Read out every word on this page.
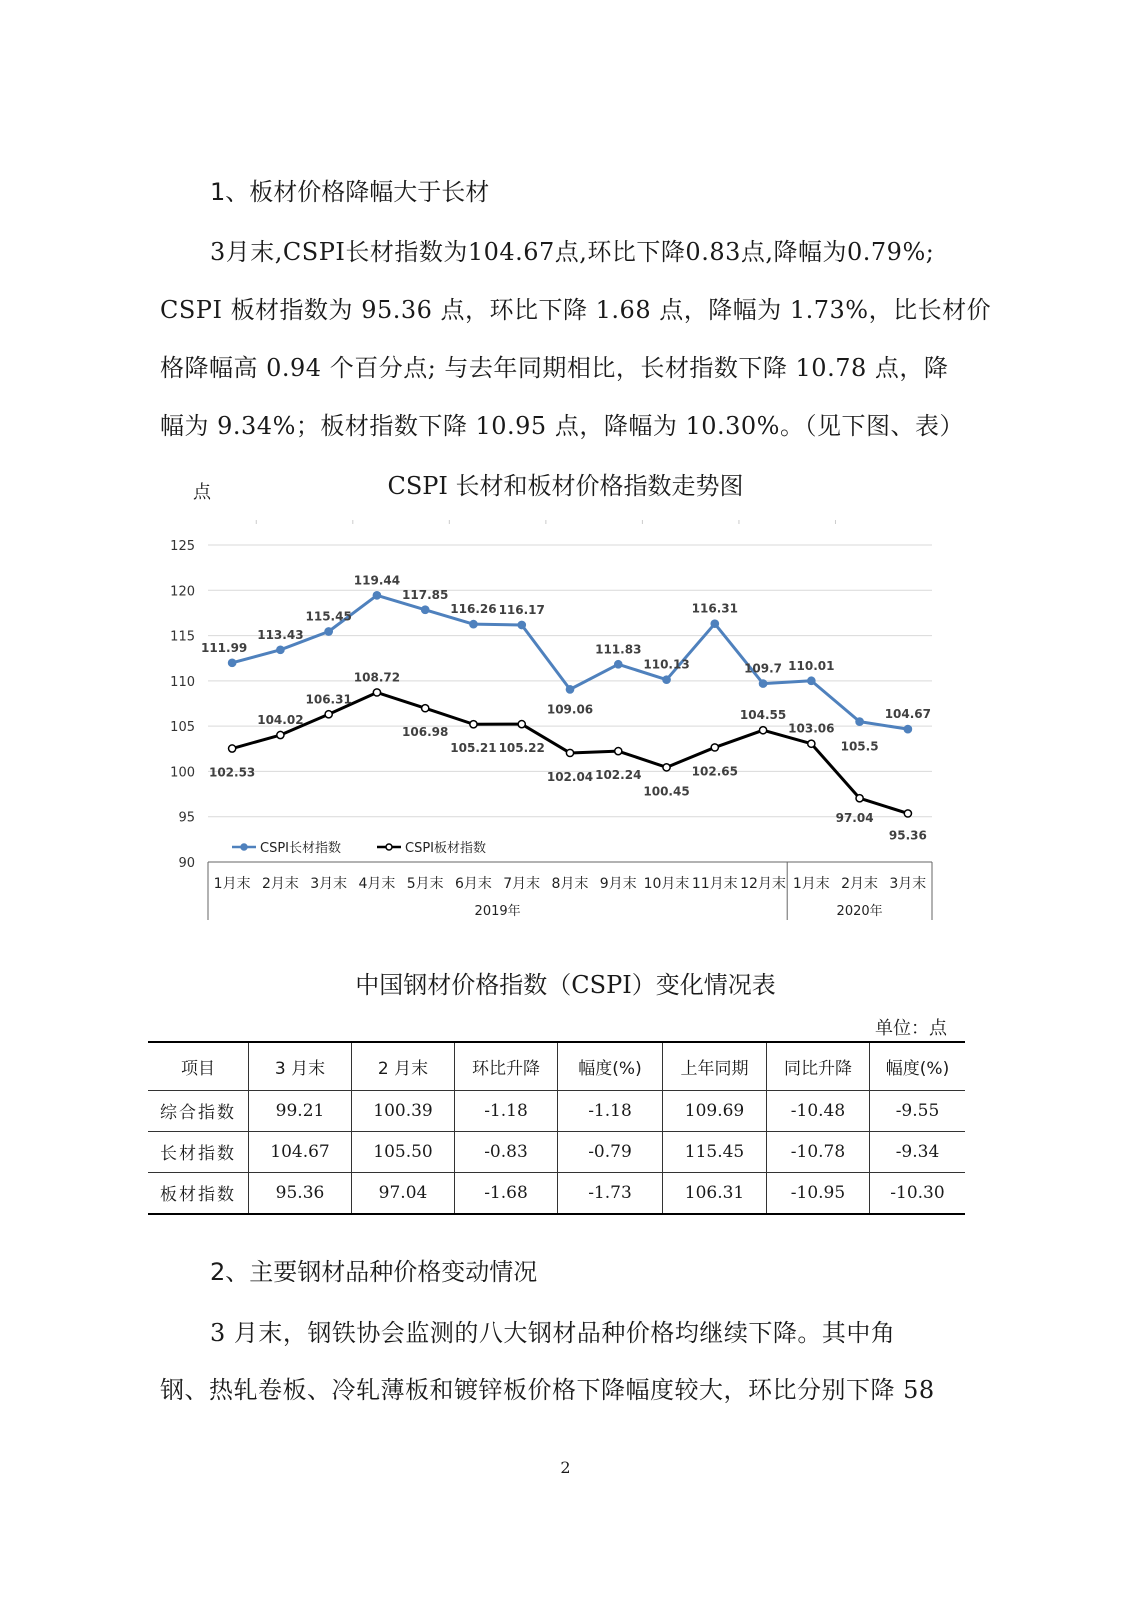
1、板材价格降幅大于长材
3月末,CSPI长材指数为104.67点,环比下降0.83点,降幅为0.79%;
CSPI 板材指数为 95.36 点，环比下降 1.68 点，降幅为 1.73%，比长材价
格降幅高 0.94 个百分点; 与去年同期相比，长材指数下降 10.78 点，降
幅为 9.34%；板材指数下降 10.95 点，降幅为 10.30%。（见下图、表）
点	CSPI 长材和板材价格指数走势图
90
95
100
105
110
115
120
125
2019年	2020年
1月末 2月末 3月末 4月末 5月末 6月末 7月末 8月末 9月末 10月末 11月末 12月末 1月末 2月末 3月末
111.99
113.43
115.45
119.44
117.85
116.26 116.17
109.06
111.83
110.13
116.31
109.7 110.01
105.5
104.67
102.53
104.02
106.31
108.72
106.98
105.21 105.22
102.04 102.24
100.45
102.65
104.55
103.06
97.04
95.36
CSPI长材指数	CSPI板材指数
中国钢材价格指数（CSPI）变化情况表
单位：点
项目	3 月末	2 月末	环比升降	幅度(%)	上年同期	同比升降	幅度(%)
综合指数	99.21	100.39	-1.18	-1.18	109.69	-10.48	-9.55
长材指数	104.67	105.50	-0.83	-0.79	115.45	-10.78	-9.34
板材指数	95.36	97.04	-1.68	-1.73	106.31	-10.95	-10.30
2、主要钢材品种价格变动情况
3 月末，钢铁协会监测的八大钢材品种价格均继续下降。其中角
钢、热轧卷板、冷轧薄板和镀锌板价格下降幅度较大，环比分别下降 58
2
